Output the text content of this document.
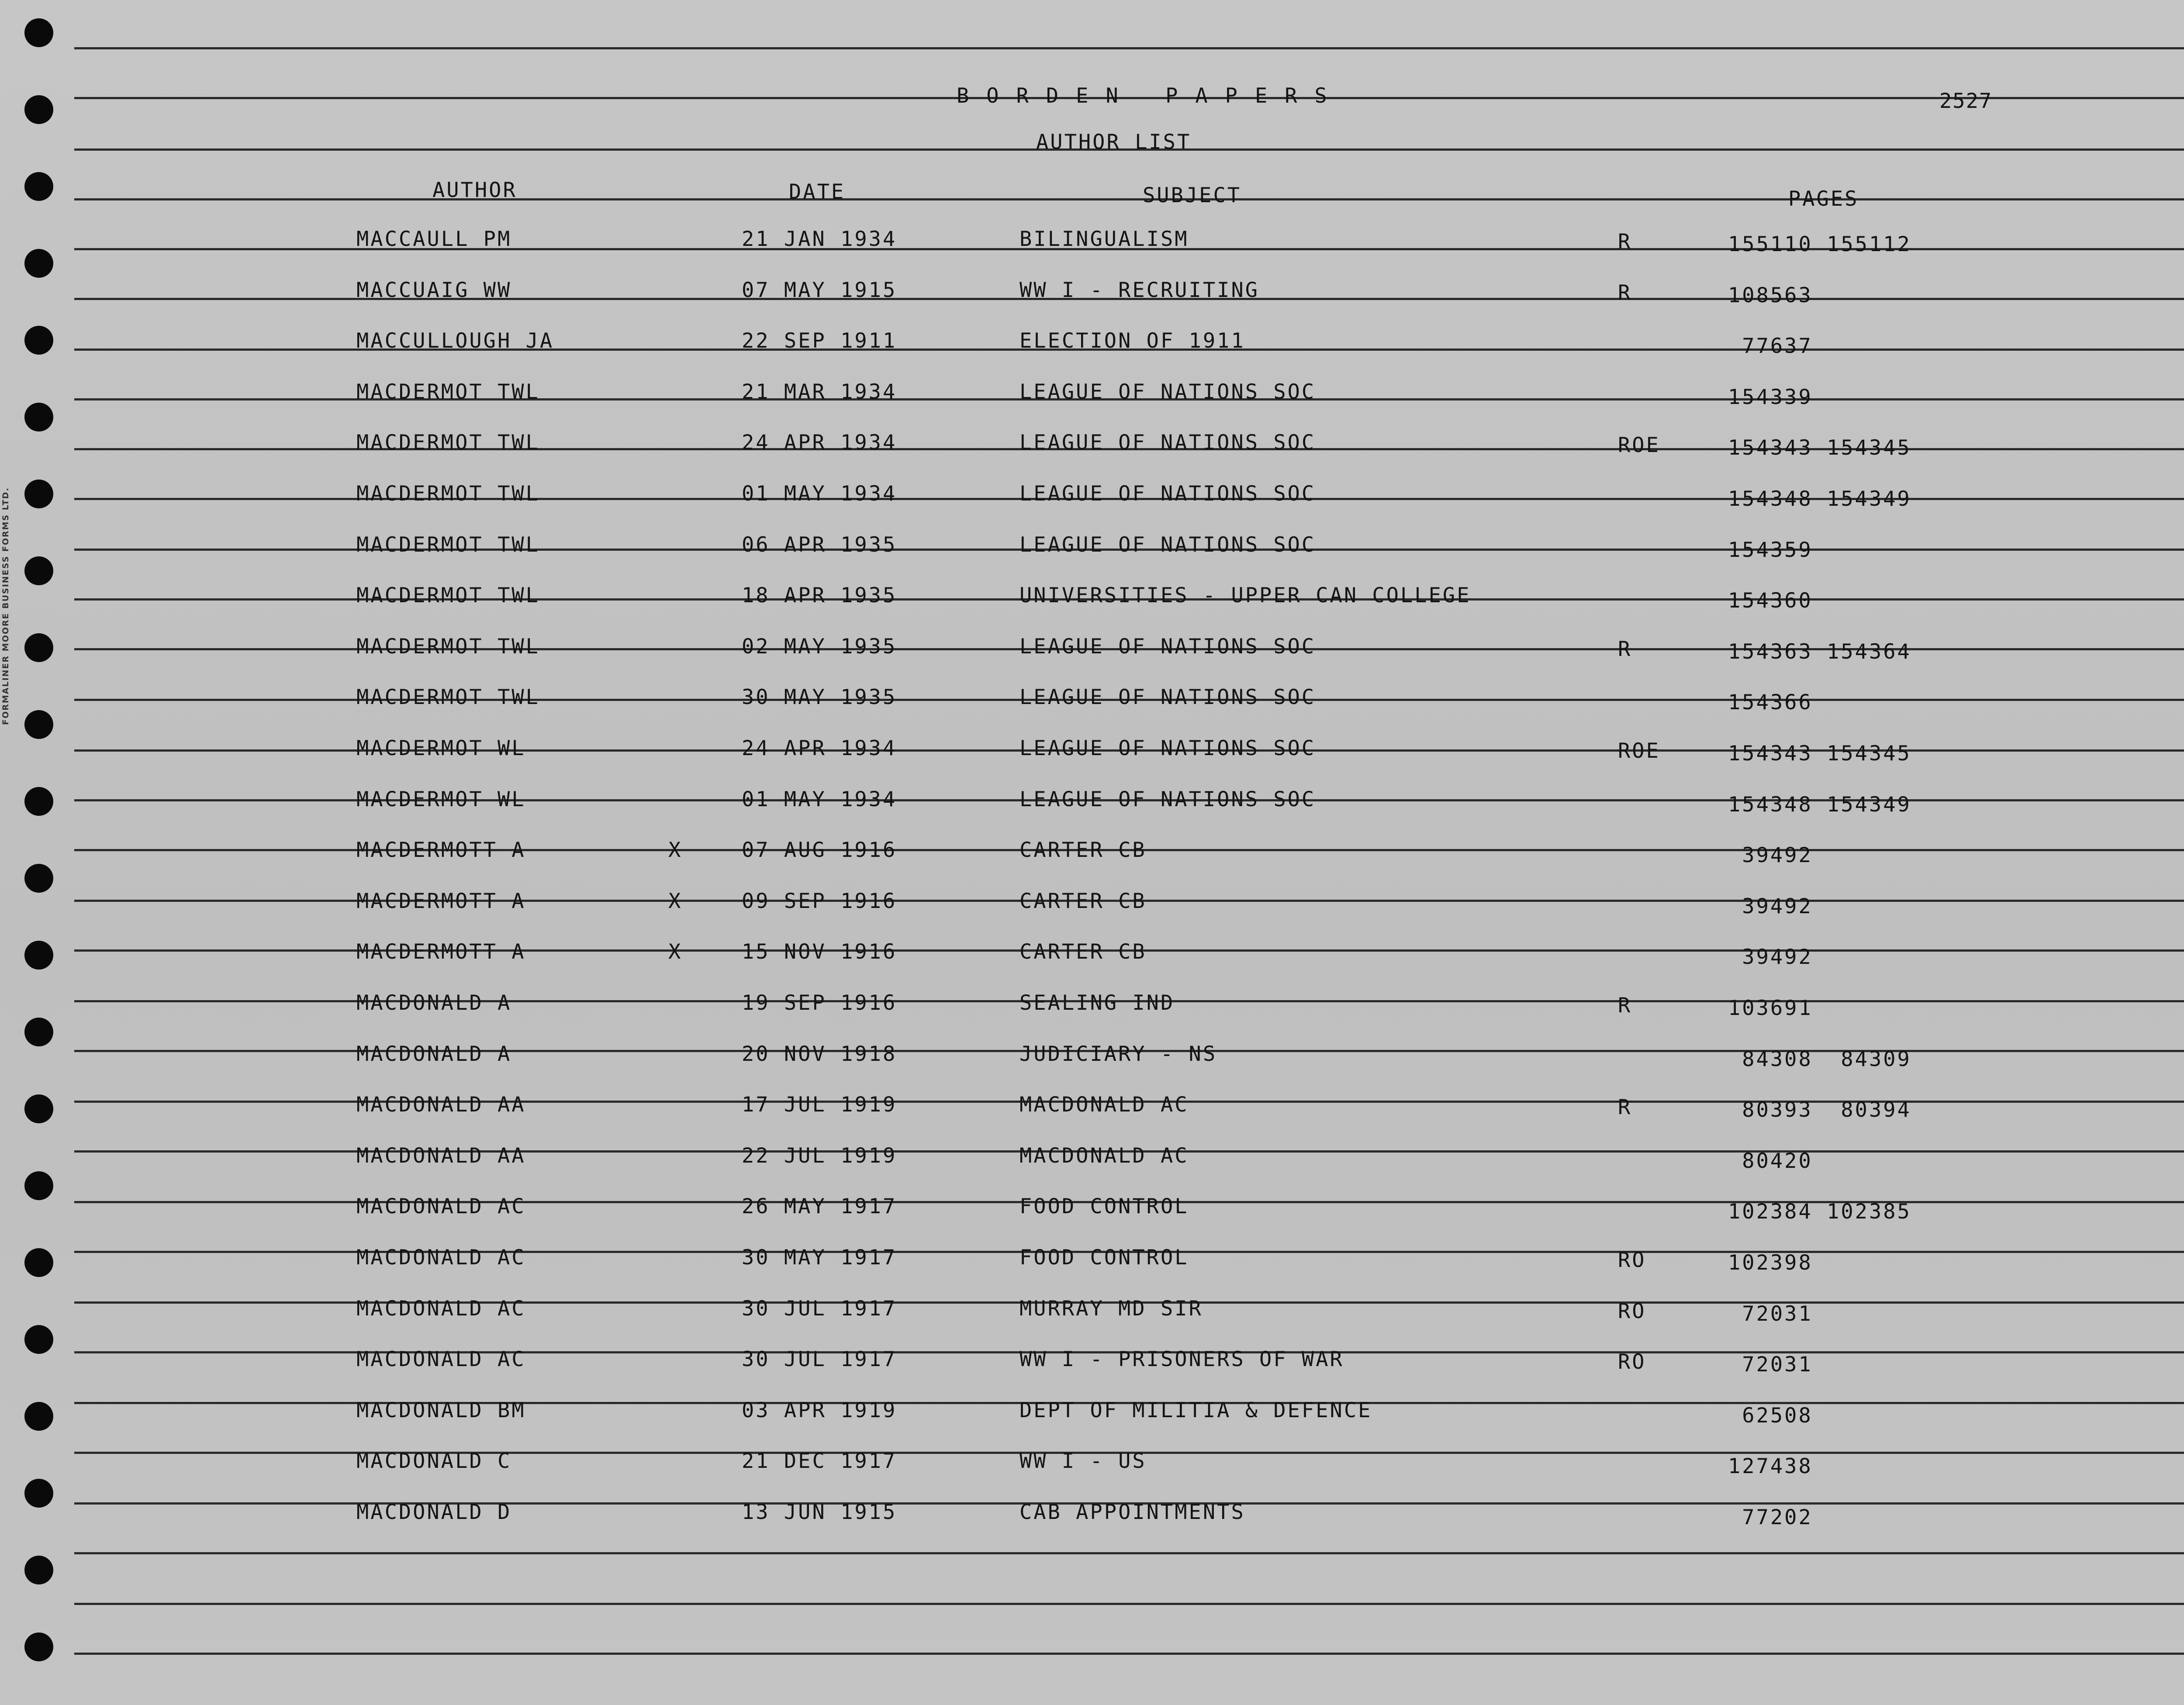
FORMALINER MOORE BUSINESS FORMS LTD.
BORDEN PAPERS	2527
AUTHOR LIST
AUTHOR	DATE	SUBJECT	PAGES
MACCAULL PM	21 JAN 1934	BILINGUALISM	R	155110 155112
MACCUAIG WW	07 MAY 1915	WW I - RECRUITING	R	108563
MACCULLOUGH JA	22 SEP 1911	ELECTION OF 1911	77637
MACDERMOT TWL	21 MAR 1934	LEAGUE OF NATIONS SOC	154339
MACDERMOT TWL	24 APR 1934	LEAGUE OF NATIONS SOC	ROE	154343 154345
MACDERMOT TWL	01 MAY 1934	LEAGUE OF NATIONS SOC	154348 154349
MACDERMOT TWL	06 APR 1935	LEAGUE OF NATIONS SOC	154359
MACDERMOT TWL	18 APR 1935	UNIVERSITIES - UPPER CAN COLLEGE	154360
MACDERMOT TWL	02 MAY 1935	LEAGUE OF NATIONS SOC	R	154363 154364
MACDERMOT TWL	30 MAY 1935	LEAGUE OF NATIONS SOC	154366
MACDERMOT WL	24 APR 1934	LEAGUE OF NATIONS SOC	ROE	154343 154345
MACDERMOT WL	01 MAY 1934	LEAGUE OF NATIONS SOC	154348 154349
MACDERMOTT A	X	07 AUG 1916	CARTER CB	39492
MACDERMOTT A	X	09 SEP 1916	CARTER CB	39492
MACDERMOTT A	X	15 NOV 1916	CARTER CB	39492
MACDONALD A	19 SEP 1916	SEALING IND	R	103691
MACDONALD A	20 NOV 1918	JUDICIARY - NS	84308  84309
MACDONALD AA	17 JUL 1919	MACDONALD AC	R	80393  80394
MACDONALD AA	22 JUL 1919	MACDONALD AC	80420
MACDONALD AC	26 MAY 1917	FOOD CONTROL	102384 102385
MACDONALD AC	30 MAY 1917	FOOD CONTROL	RO	102398
MACDONALD AC	30 JUL 1917	MURRAY MD SIR	RO	72031
MACDONALD AC	30 JUL 1917	WW I - PRISONERS OF WAR	RO	72031
MACDONALD BM	03 APR 1919	DEPT OF MILITIA & DEFENCE	62508
MACDONALD C	21 DEC 1917	WW I - US	127438
MACDONALD D	13 JUN 1915	CAB APPOINTMENTS	77202
